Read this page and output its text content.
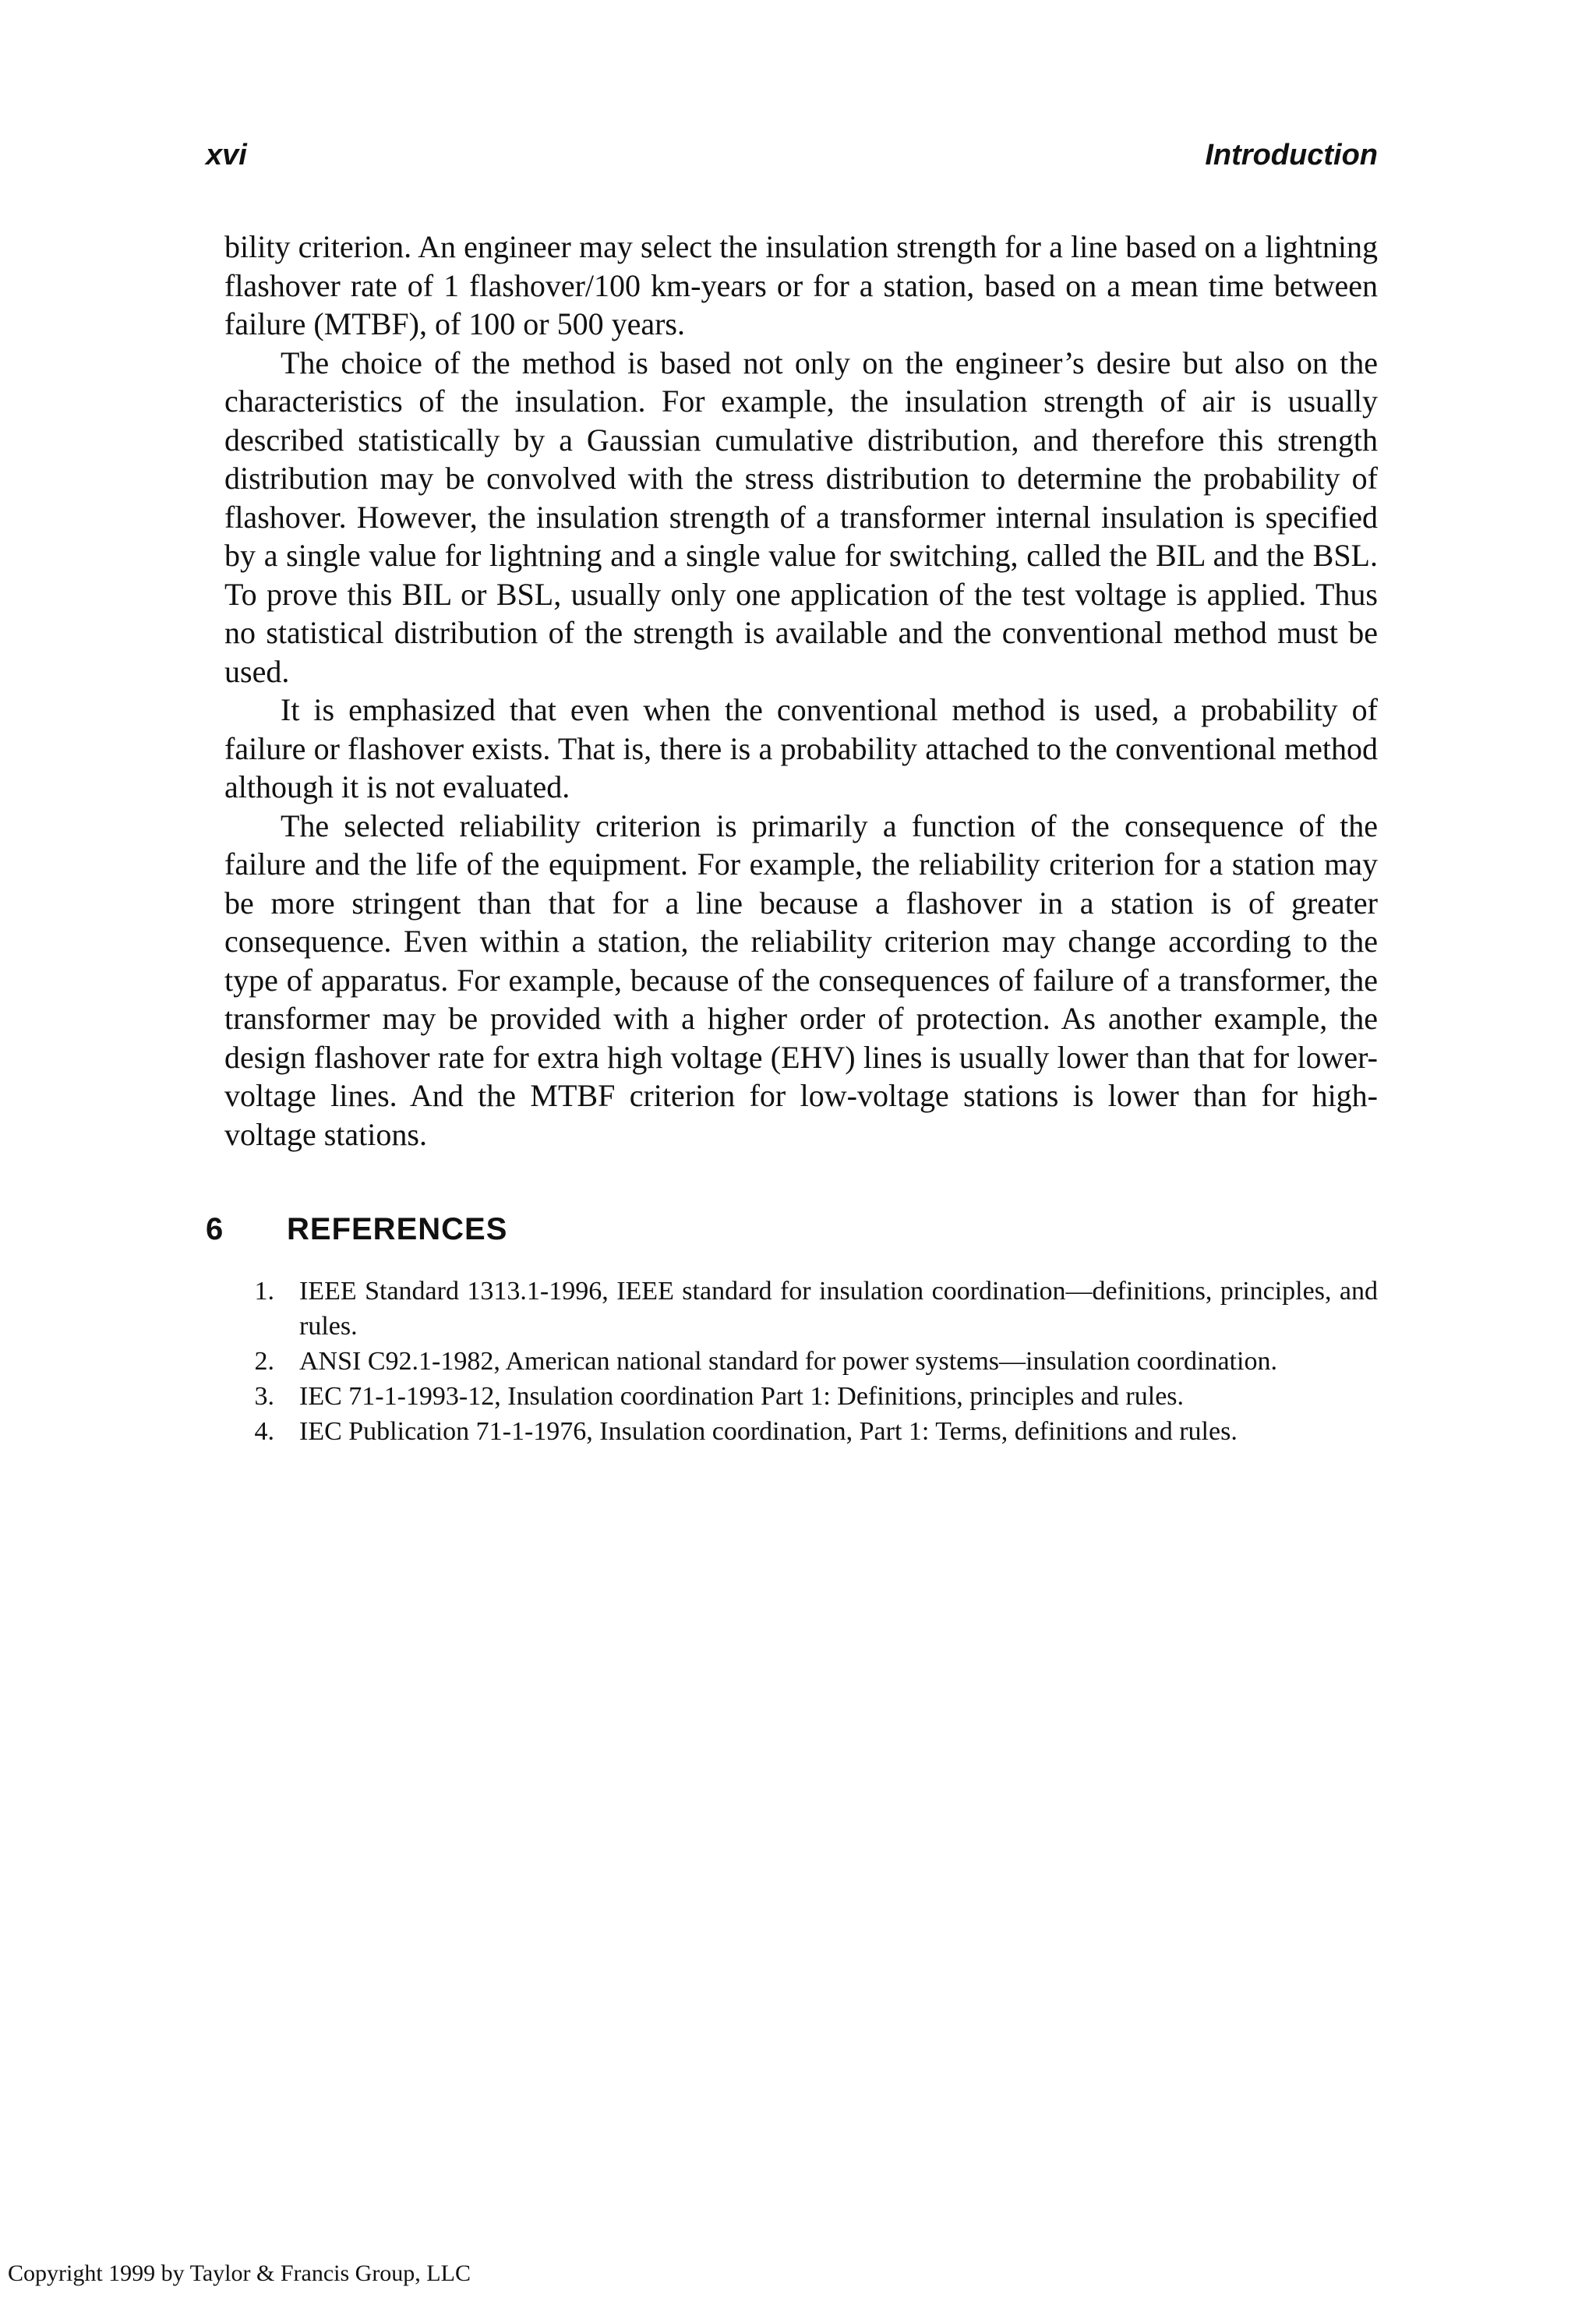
xvi	Introduction

bility criterion. An engineer may select the insulation strength for a line based on a lightning flashover rate of 1 flashover/100 km-years or for a station, based on a mean time between failure (MTBF), of 100 or 500 years.

The choice of the method is based not only on the engineer’s desire but also on the characteristics of the insulation. For example, the insulation strength of air is usually described statistically by a Gaussian cumulative distribution, and therefore this strength distribution may be convolved with the stress distribution to determine the probability of flashover. However, the insulation strength of a transformer internal insulation is specified by a single value for lightning and a single value for switching, called the BIL and the BSL. To prove this BIL or BSL, usually only one application of the test voltage is applied. Thus no statistical distribution of the strength is available and the conventional method must be used.

It is emphasized that even when the conventional method is used, a probability of failure or flashover exists. That is, there is a probability attached to the conventional method although it is not evaluated.

The selected reliability criterion is primarily a function of the consequence of the failure and the life of the equipment. For example, the reliability criterion for a station may be more stringent than that for a line because a flashover in a station is of greater consequence. Even within a station, the reliability criterion may change according to the type of apparatus. For example, because of the consequences of failure of a transformer, the transformer may be provided with a higher order of protection. As another example, the design flashover rate for extra high voltage (EHV) lines is usually lower than that for lower-voltage lines. And the MTBF criterion for low-voltage stations is lower than for high-voltage stations.

6 REFERENCES
1. IEEE Standard 1313.1-1996, IEEE standard for insulation coordination—definitions, principles, and rules.
2. ANSI C92.1-1982, American national standard for power systems—insulation coordination.
3. IEC 71-1-1993-12, Insulation coordination Part 1: Definitions, principles and rules.
4. IEC Publication 71-1-1976, Insulation coordination, Part 1: Terms, definitions and rules.
Copyright 1999 by Taylor & Francis Group, LLC
